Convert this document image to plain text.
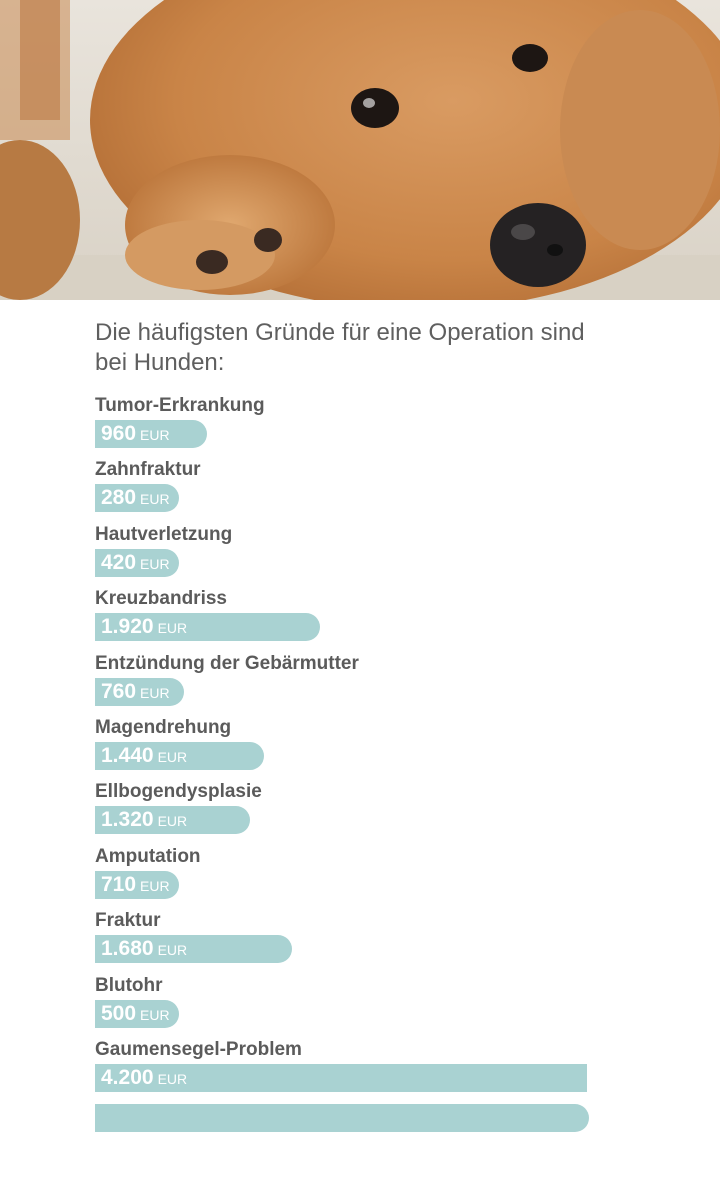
Die häufigsten Gründe für eine Operation sind bei Hunden:
Tumor-Erkrankung
960 EUR
Zahnfraktur
280 EUR
Hautverletzung
420 EUR
Kreuzbandriss
1.920 EUR
Entzündung der Gebärmutter
760 EUR
Magendrehung
1.440 EUR
Ellbogendysplasie
1.320 EUR
Amputation
710 EUR
Fraktur
1.680 EUR
Blutohr
500 EUR
Gaumensegel-Problem
4.200 EUR
